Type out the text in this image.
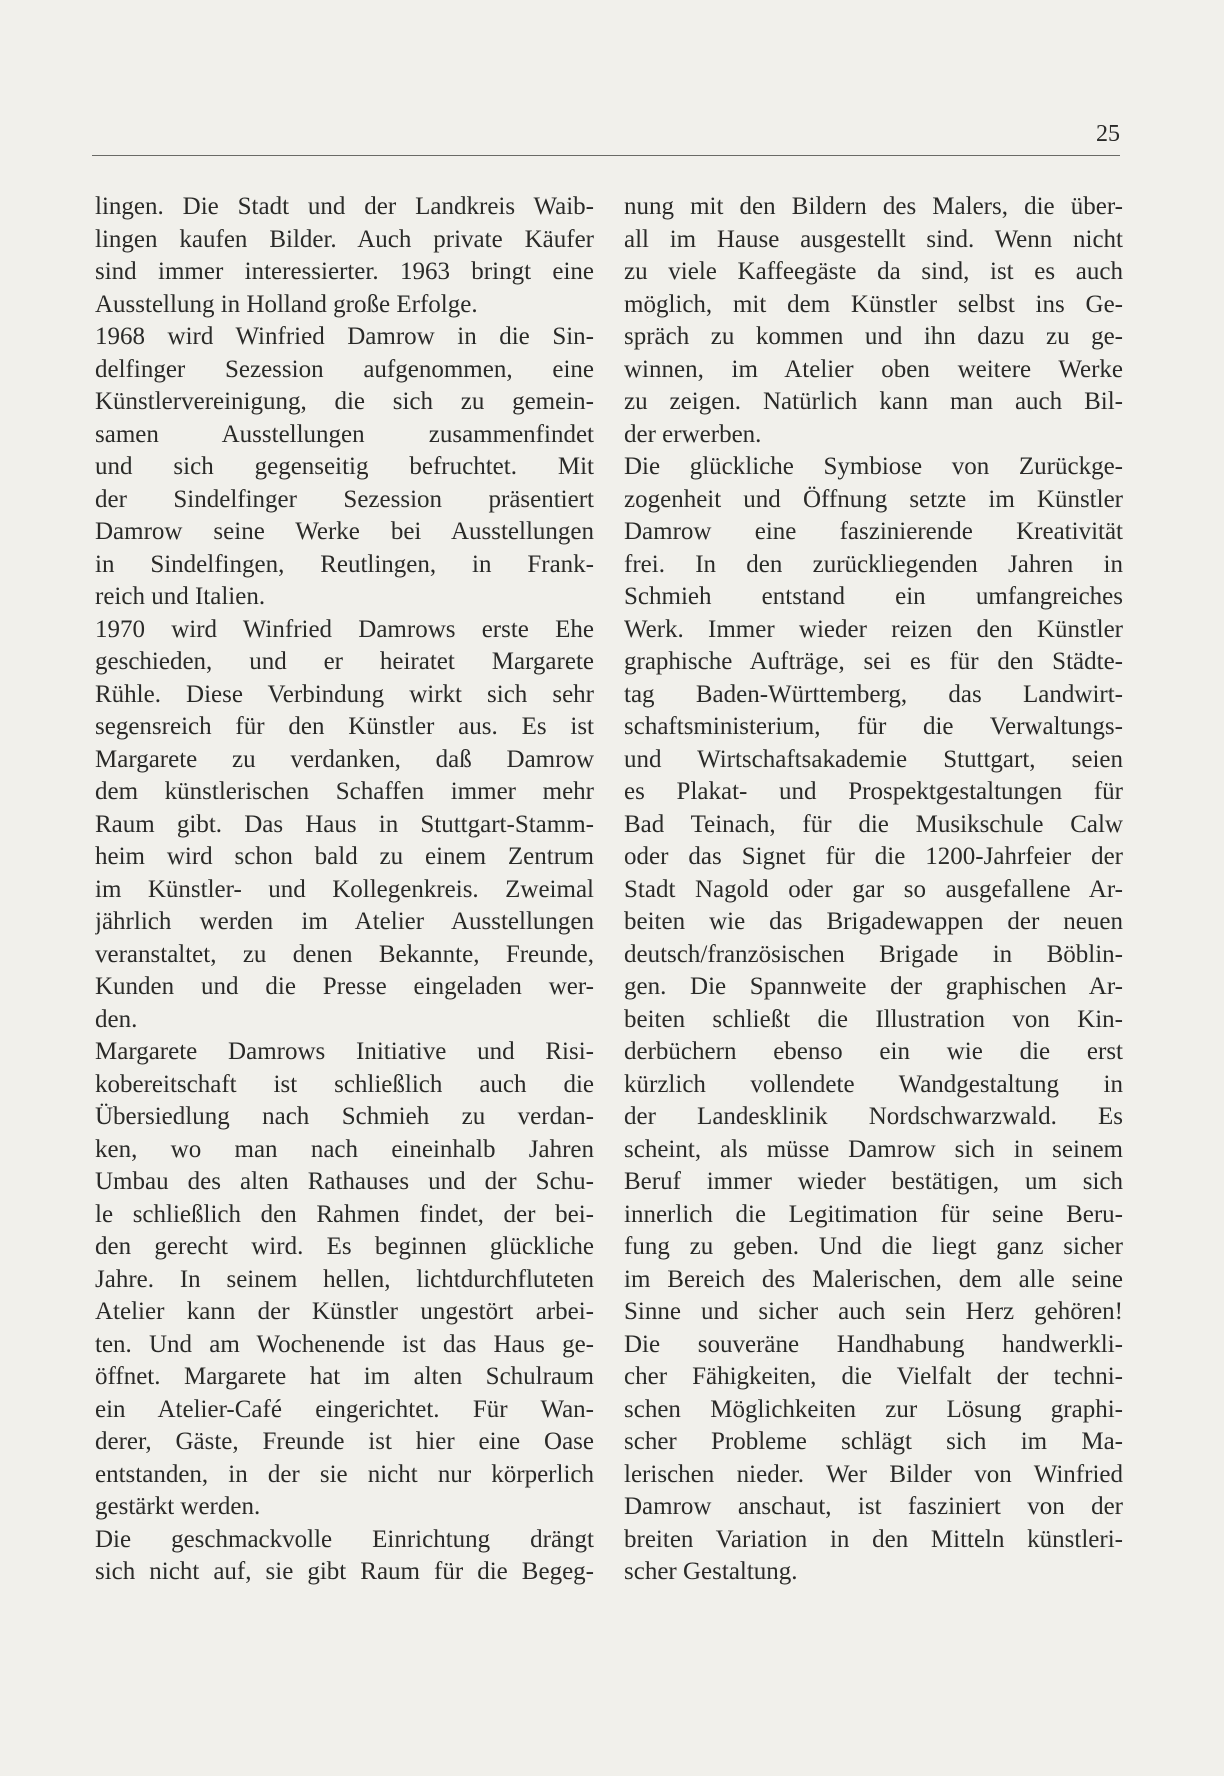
25
lingen. Die Stadt und der Landkreis Waib-
lingen kaufen Bilder. Auch private Käufer
sind immer interessierter. 1963 bringt eine
Ausstellung in Holland große Erfolge.
1968 wird Winfried Damrow in die Sin-
delfinger Sezession aufgenommen, eine
Künstlervereinigung, die sich zu gemein-
samen Ausstellungen zusammenfindet
und sich gegenseitig befruchtet. Mit
der Sindelfinger Sezession präsentiert
Damrow seine Werke bei Ausstellungen
in Sindelfingen, Reutlingen, in Frank-
reich und Italien.
1970 wird Winfried Damrows erste Ehe
geschieden, und er heiratet Margarete
Rühle. Diese Verbindung wirkt sich sehr
segensreich für den Künstler aus. Es ist
Margarete zu verdanken, daß Damrow
dem künstlerischen Schaffen immer mehr
Raum gibt. Das Haus in Stuttgart-Stamm-
heim wird schon bald zu einem Zentrum
im Künstler- und Kollegenkreis. Zweimal
jährlich werden im Atelier Ausstellungen
veranstaltet, zu denen Bekannte, Freunde,
Kunden und die Presse eingeladen wer-
den.
Margarete Damrows Initiative und Risi-
kobereitschaft ist schließlich auch die
Übersiedlung nach Schmieh zu verdan-
ken, wo man nach eineinhalb Jahren
Umbau des alten Rathauses und der Schu-
le schließlich den Rahmen findet, der bei-
den gerecht wird. Es beginnen glückliche
Jahre. In seinem hellen, lichtdurchfluteten
Atelier kann der Künstler ungestört arbei-
ten. Und am Wochenende ist das Haus ge-
öffnet. Margarete hat im alten Schulraum
ein Atelier-Café eingerichtet. Für Wan-
derer, Gäste, Freunde ist hier eine Oase
entstanden, in der sie nicht nur körperlich
gestärkt werden.
Die geschmackvolle Einrichtung drängt
sich nicht auf, sie gibt Raum für die Begeg-
nung mit den Bildern des Malers, die über-
all im Hause ausgestellt sind. Wenn nicht
zu viele Kaffeegäste da sind, ist es auch
möglich, mit dem Künstler selbst ins Ge-
spräch zu kommen und ihn dazu zu ge-
winnen, im Atelier oben weitere Werke
zu zeigen. Natürlich kann man auch Bil-
der erwerben.
Die glückliche Symbiose von Zurückge-
zogenheit und Öffnung setzte im Künstler
Damrow eine faszinierende Kreativität
frei. In den zurückliegenden Jahren in
Schmieh entstand ein umfangreiches
Werk. Immer wieder reizen den Künstler
graphische Aufträge, sei es für den Städte-
tag Baden-Württemberg, das Landwirt-
schaftsministerium, für die Verwaltungs-
und Wirtschaftsakademie Stuttgart, seien
es Plakat- und Prospektgestaltungen für
Bad Teinach, für die Musikschule Calw
oder das Signet für die 1200-Jahrfeier der
Stadt Nagold oder gar so ausgefallene Ar-
beiten wie das Brigadewappen der neuen
deutsch/französischen Brigade in Böblin-
gen. Die Spannweite der graphischen Ar-
beiten schließt die Illustration von Kin-
derbüchern ebenso ein wie die erst
kürzlich vollendete Wandgestaltung in
der Landesklinik Nordschwarzwald. Es
scheint, als müsse Damrow sich in seinem
Beruf immer wieder bestätigen, um sich
innerlich die Legitimation für seine Beru-
fung zu geben. Und die liegt ganz sicher
im Bereich des Malerischen, dem alle seine
Sinne und sicher auch sein Herz gehören!
Die souveräne Handhabung handwerkli-
cher Fähigkeiten, die Vielfalt der techni-
schen Möglichkeiten zur Lösung graphi-
scher Probleme schlägt sich im Ma-
lerischen nieder. Wer Bilder von Winfried
Damrow anschaut, ist fasziniert von der
breiten Variation in den Mitteln künstleri-
scher Gestaltung.
